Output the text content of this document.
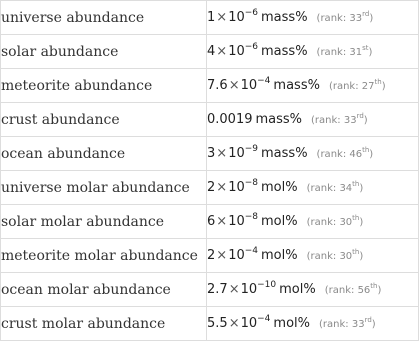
universe abundance	$1\times 10^{-6}$ mass% (rank: 33rd)
solar abundance	$4\times 10^{-6}$ mass% (rank: 31st)
meteorite abundance	$7.6\times 10^{-4}$ mass% (rank: 27th)
crust abundance	0.0019 mass% (rank: 33rd)
ocean abundance	$3\times 10^{-9}$ mass% (rank: 46th)
universe molar abundance	$2\times 10^{-8}$ mol% (rank: 34th)
solar molar abundance	$6\times 10^{-8}$ mol% (rank: 30th)
meteorite molar abundance	$2\times 10^{-4}$ mol% (rank: 30th)
ocean molar abundance	$2.7\times 10^{-10}$ mol% (rank: 56th)
crust molar abundance	$5.5\times 10^{-4}$ mol% (rank: 33rd)
